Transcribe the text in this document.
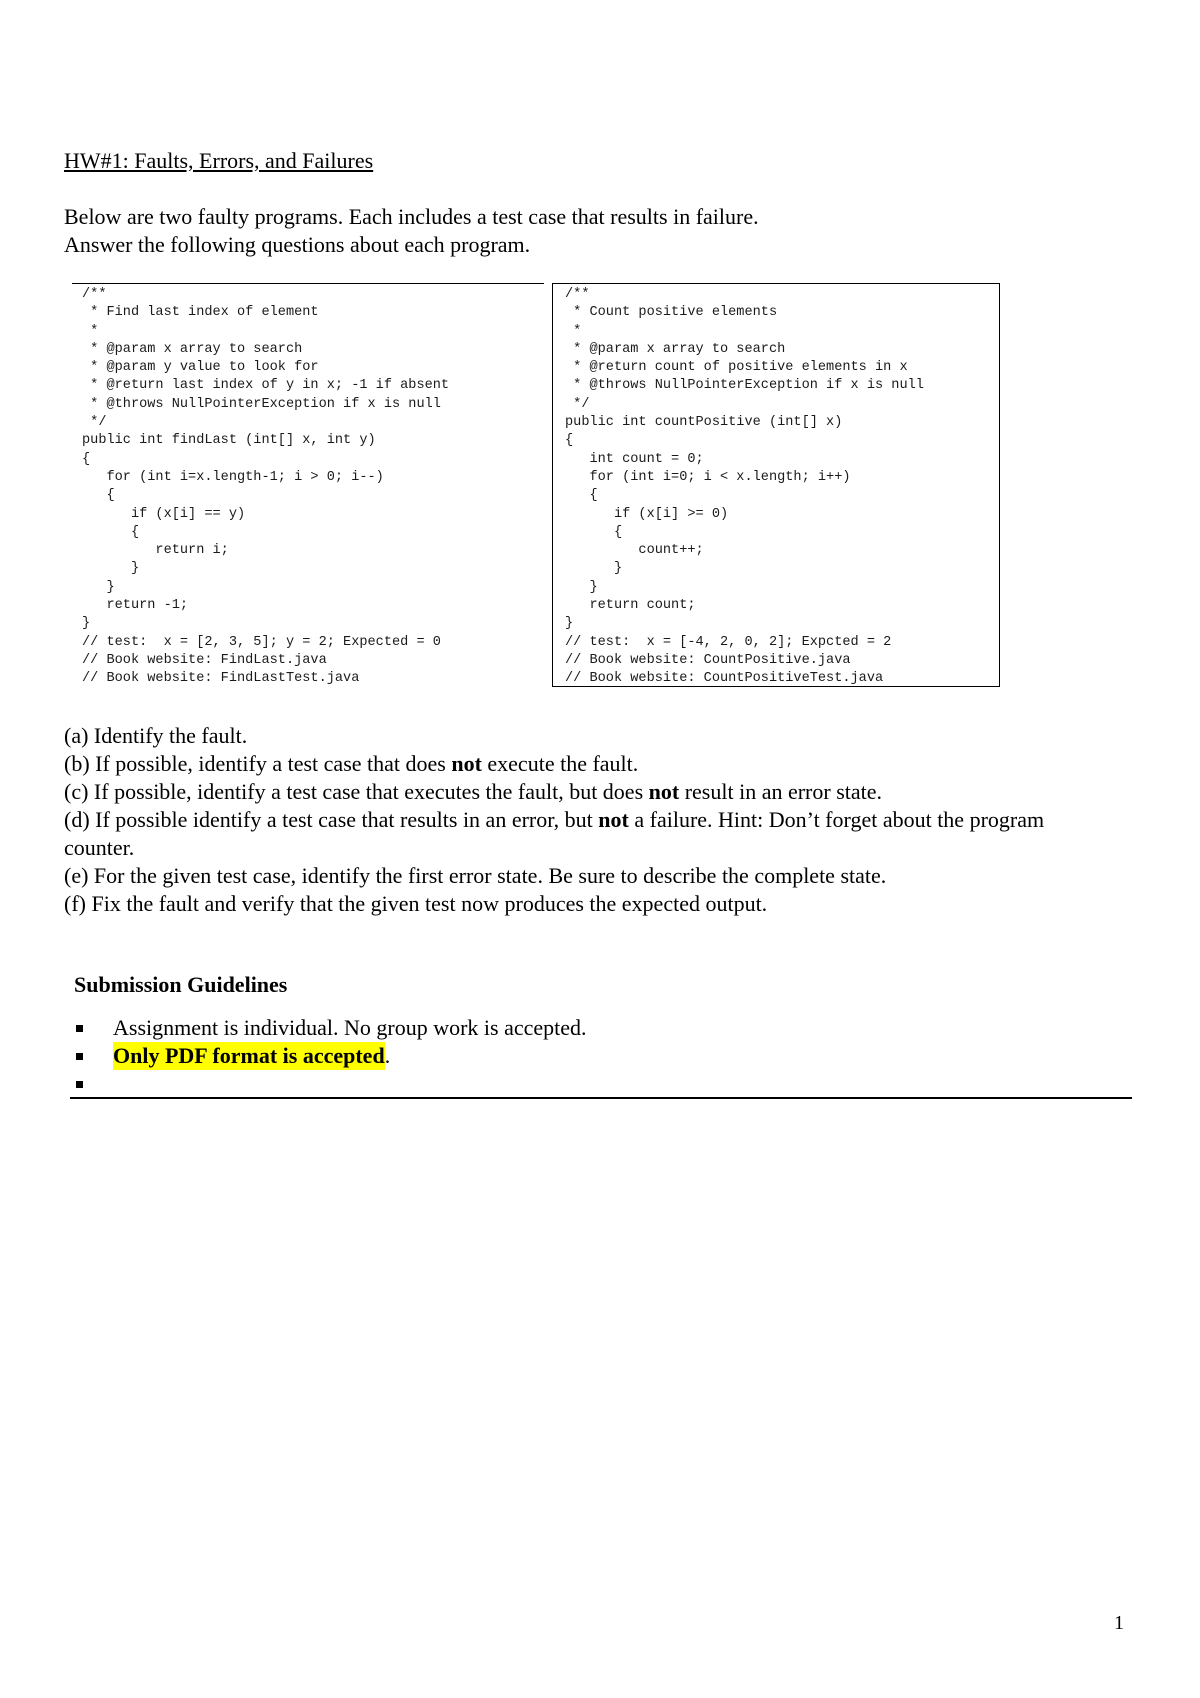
HW#1: Faults, Errors, and Failures
Below are two faulty programs. Each includes a test case that results in failure.
Answer the following questions about each program.
/**
* Find last index of element
*
* @param x array to search
* @param y value to look for
* @return last index of y in x; -1 if absent
* @throws NullPointerException if x is null
*/
public int findLast (int[] x, int y)
{
for (int i=x.length-1; i > 0; i--)
{
if (x[i] == y)
{
return i;
}
}
return -1;
}
// test:  x = [2, 3, 5]; y = 2; Expected = 0
// Book website: FindLast.java
// Book website: FindLastTest.java
/**
* Count positive elements
*
* @param x array to search
* @return count of positive elements in x
* @throws NullPointerException if x is null
*/
public int countPositive (int[] x)
{
int count = 0;
for (int i=0; i < x.length; i++)
{
if (x[i] >= 0)
{
count++;
}
}
return count;
}
// test:  x = [-4, 2, 0, 2]; Expcted = 2
// Book website: CountPositive.java
// Book website: CountPositiveTest.java

(a) Identify the fault.

(b) If possible, identify a test case that does not execute the fault.

(c) If possible, identify a test case that executes the fault, but does not result in an error state.

(d) If possible identify a test case that results in an error, but not a failure. Hint: Don’t forget about the program counter.

(e) For the given test case, identify the first error state. Be sure to describe the complete state.

(f) Fix the fault and verify that the given test now produces the expected output.

Submission Guidelines
Assignment is individual. No group work is accepted.
Only PDF format is accepted .
1
